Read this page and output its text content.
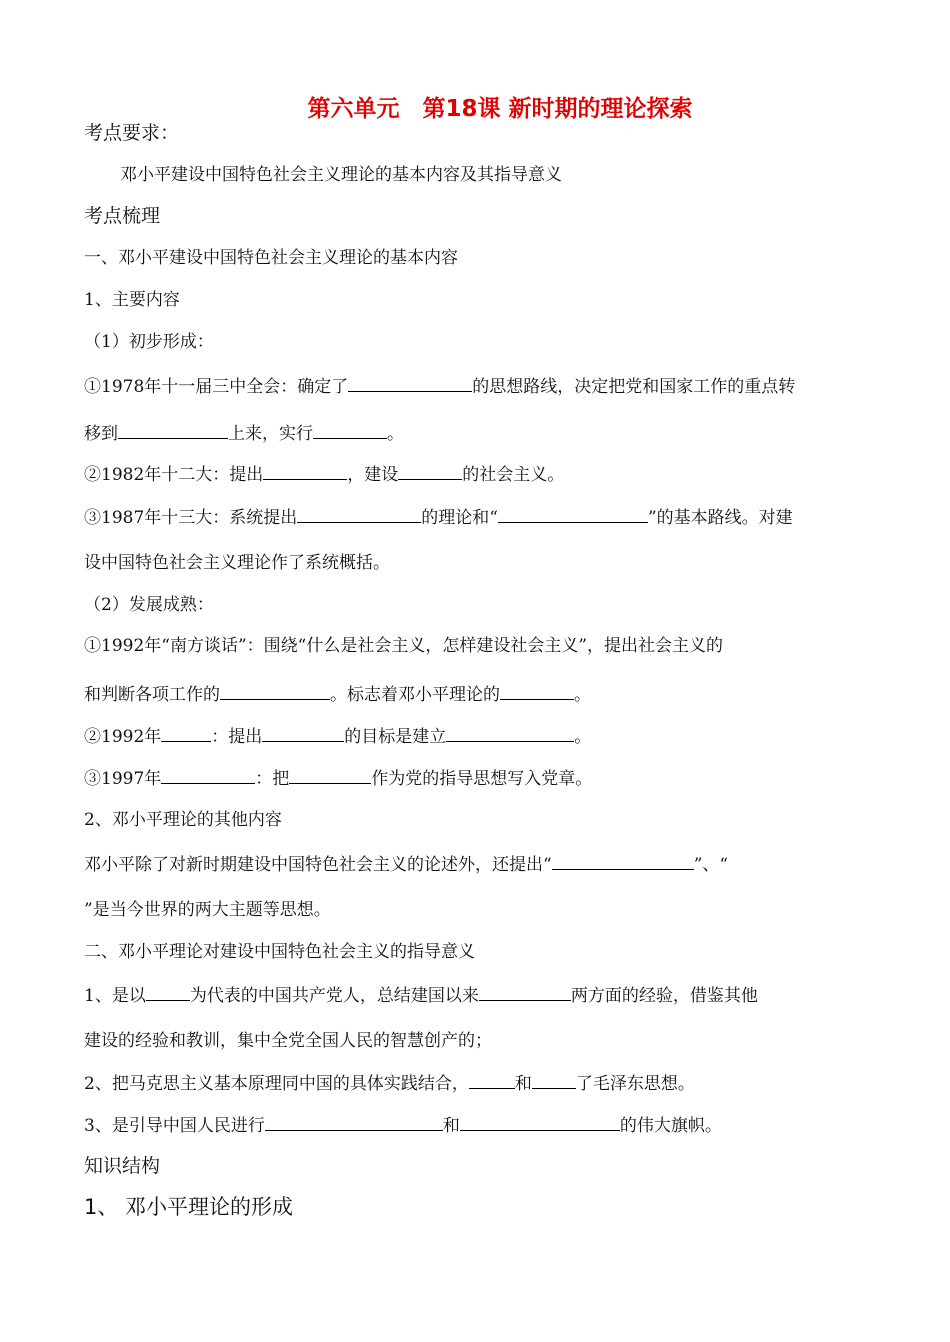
第六单元　第18课 新时期的理论探索
考点要求：
邓小平建设中国特色社会主义理论的基本内容及其指导意义
考点梳理
一、邓小平建设中国特色社会主义理论的基本内容
1、主要内容
（1）初步形成：
①1978年十一届三中全会：确定了	的思想路线，决定把党和国家工作的重点转
移到	上来，实行	。
②1982年十二大：提出	，建设	的社会主义。
③1987年十三大：系统提出	的理论和“	”的基本路线。对建
设中国特色社会主义理论作了系统概括。
（2）发展成熟：
①1992年“南方谈话”：围绕“什么是社会主义，怎样建设社会主义”，提出社会主义的
和判断各项工作的	。标志着邓小平理论的	。
②1992年	：提出	的目标是建立	。
③1997年	：把	作为党的指导思想写入党章。
2、邓小平理论的其他内容
邓小平除了对新时期建设中国特色社会主义的论述外，还提出“	”、“
”是当今世界的两大主题等思想。
二、邓小平理论对建设中国特色社会主义的指导意义
1、是以	为代表的中国共产党人，总结建国以来	两方面的经验，借鉴其他
建设的经验和教训，集中全党全国人民的智慧创产的；
2、把马克思主义基本原理同中国的具体实践结合，	和	了毛泽东思想。
3、是引导中国人民进行	和	的伟大旗帜。
知识结构
1、 邓小平理论的形成
